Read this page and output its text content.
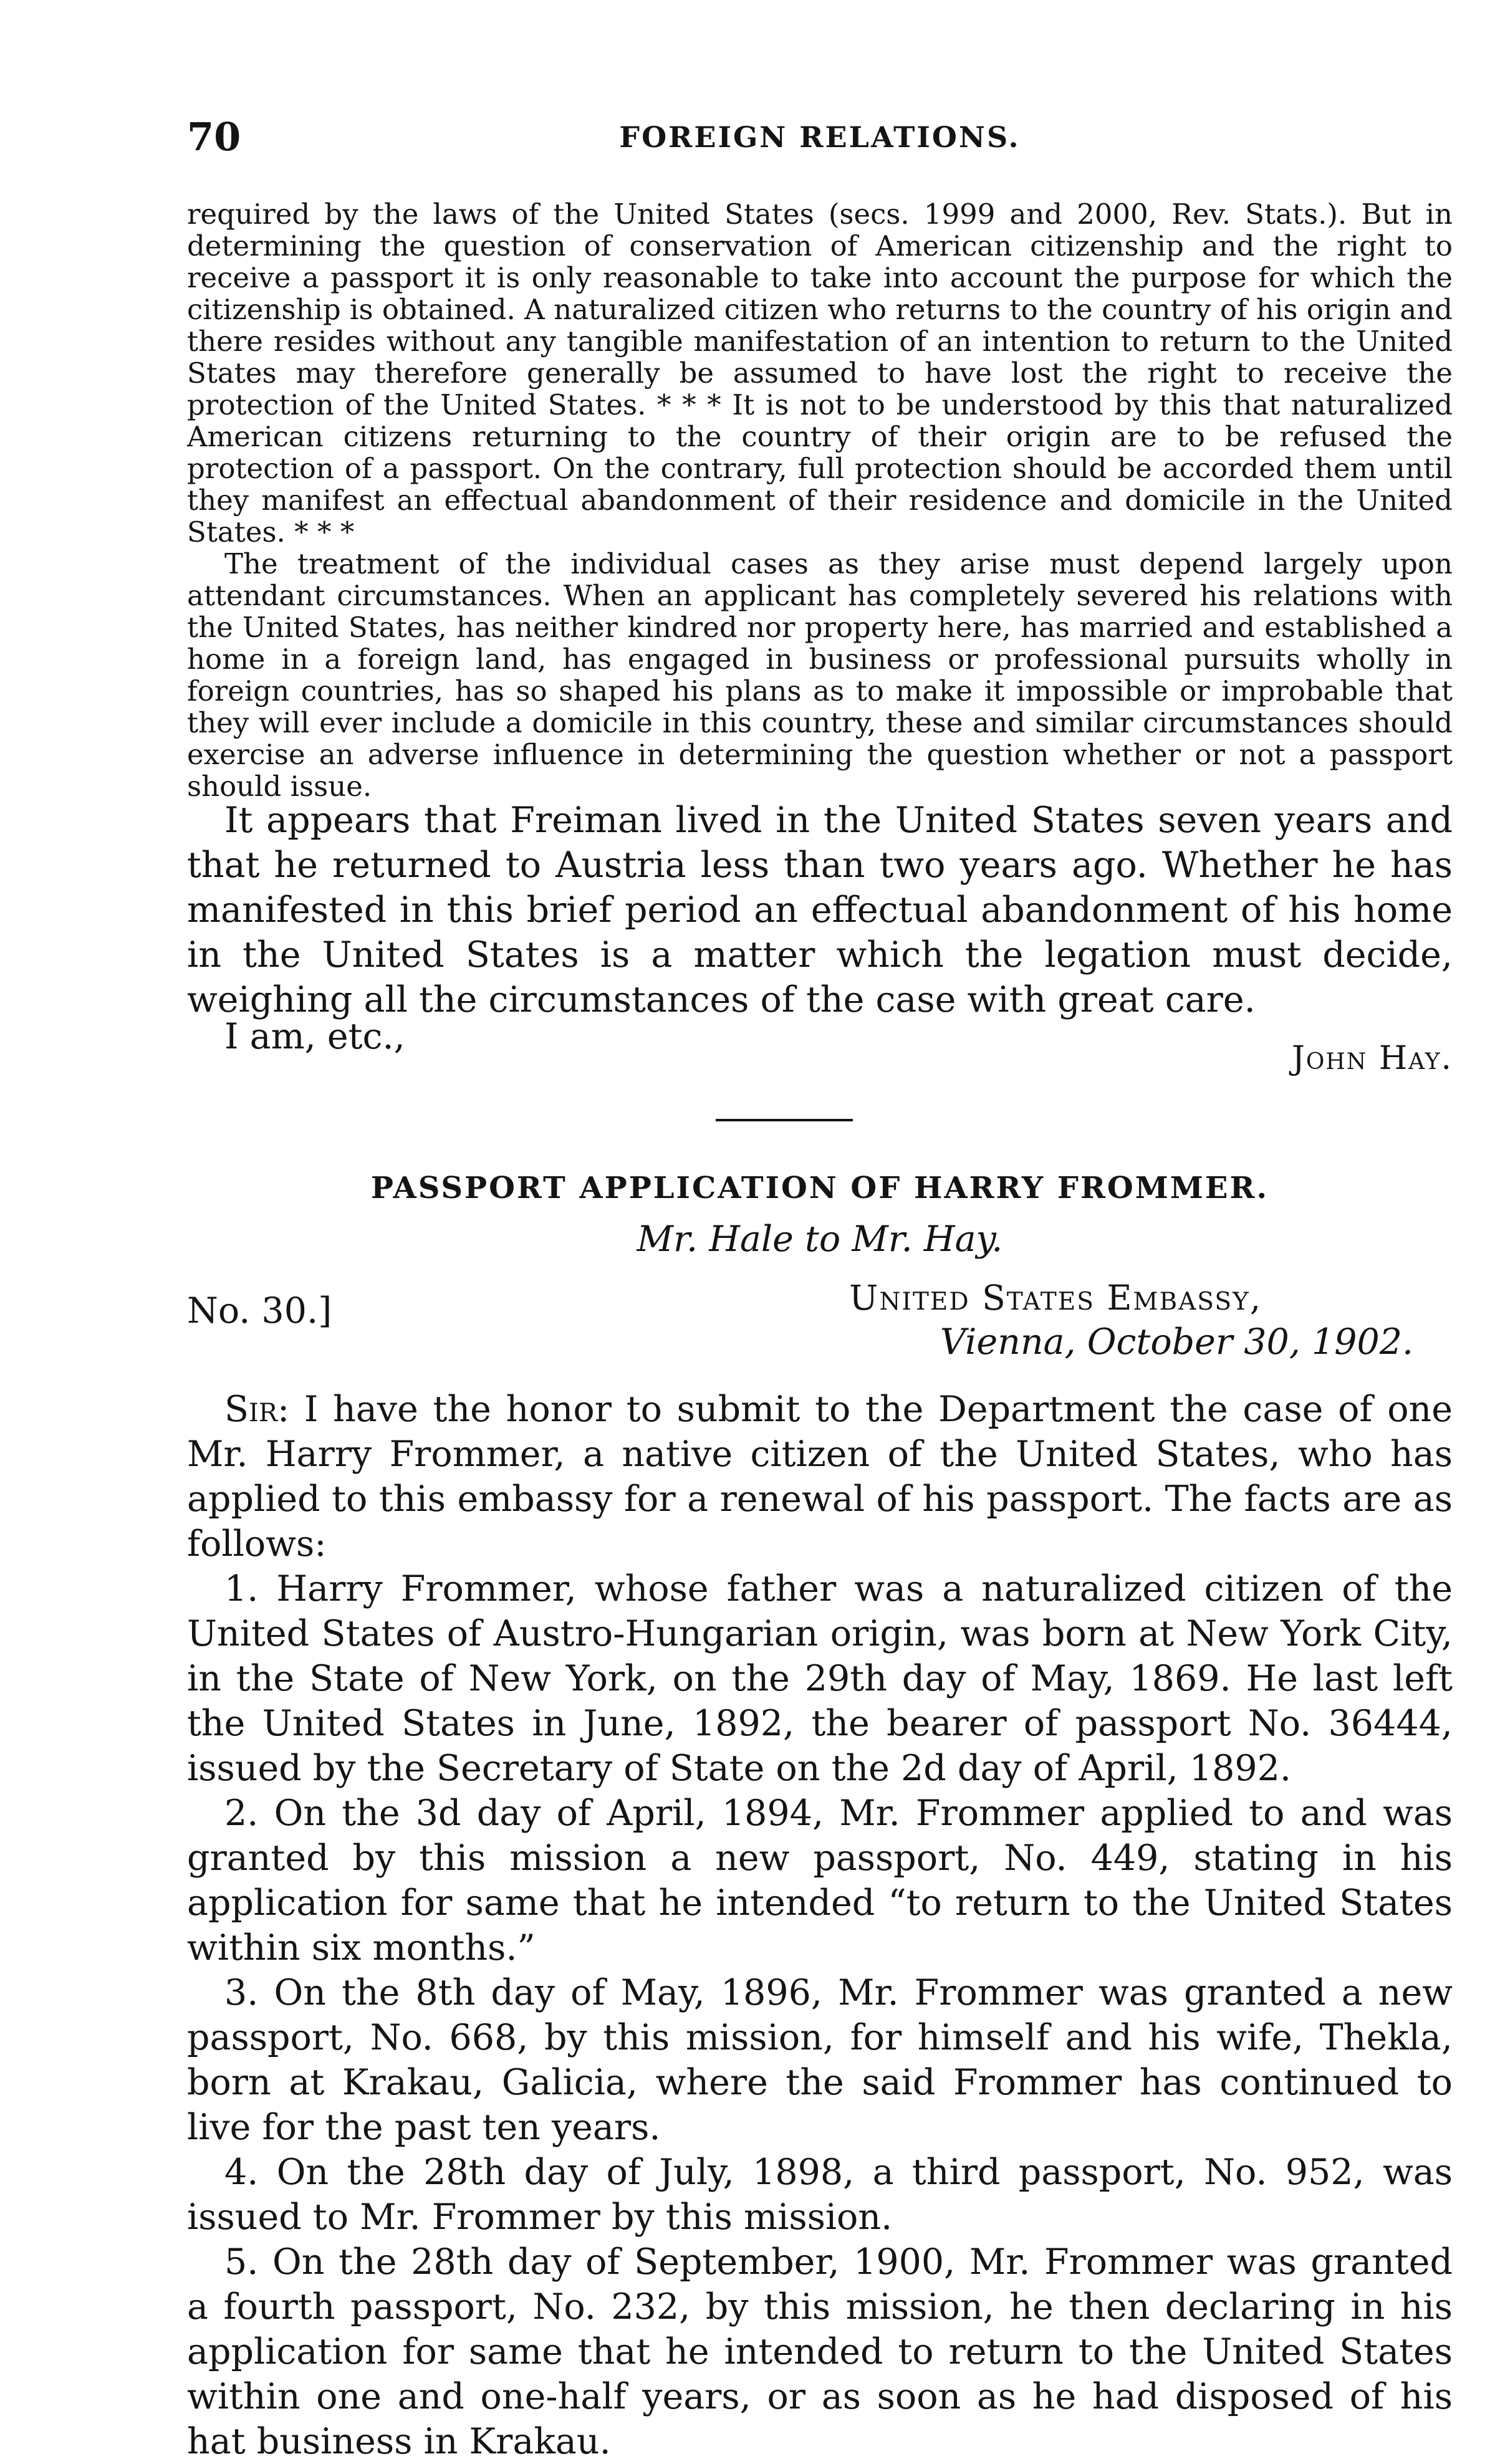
70	FOREIGN RELATIONS.

required by the laws of the United States (secs. 1999 and 2000, Rev. Stats.). But in determining the question of conservation of American citizenship and the right to receive a passport it is only reasonable to take into account the purpose for which the citizenship is obtained. A naturalized citizen who returns to the country of his origin and there resides without any tangible manifestation of an intention to return to the United States may therefore generally be assumed to have lost the right to receive the protection of the United States. * * * It is not to be understood by this that naturalized American citizens returning to the country of their origin are to be refused the protection of a passport. On the contrary, full protection should be accorded them until they manifest an effectual abandonment of their residence and domicile in the United States. * * *

The treatment of the individual cases as they arise must depend largely upon attendant circumstances. When an applicant has completely severed his relations with the United States, has neither kindred nor property here, has married and established a home in a foreign land, has engaged in business or professional pursuits wholly in foreign countries, has so shaped his plans as to make it impossible or improbable that they will ever include a domicile in this country, these and similar circumstances should exercise an adverse influence in determining the question whether or not a passport should issue.

It appears that Freiman lived in the United States seven years and that he returned to Austria less than two years ago. Whether he has manifested in this brief period an effectual abandonment of his home in the United States is a matter which the legation must decide, weighing all the circumstances of the case with great care.

I am, etc.,
John Hay.
PASSPORT APPLICATION OF HARRY FROMMER.
Mr. Hale to Mr. Hay.
No. 30.]	United States Embassy,
Vienna, October 30, 1902.

Sir: I have the honor to submit to the Department the case of one Mr. Harry Frommer, a native citizen of the United States, who has applied to this embassy for a renewal of his passport. The facts are as follows:

1. Harry Frommer, whose father was a naturalized citizen of the United States of Austro-Hungarian origin, was born at New York City, in the State of New York, on the 29th day of May, 1869. He last left the United States in June, 1892, the bearer of passport No. 36444, issued by the Secretary of State on the 2d day of April, 1892.

2. On the 3d day of April, 1894, Mr. Frommer applied to and was granted by this mission a new passport, No. 449, stating in his application for same that he intended “to return to the United States within six months.”

3. On the 8th day of May, 1896, Mr. Frommer was granted a new passport, No. 668, by this mission, for himself and his wife, Thekla, born at Krakau, Galicia, where the said Frommer has continued to live for the past ten years.

4. On the 28th day of July, 1898, a third passport, No. 952, was issued to Mr. Frommer by this mission.

5. On the 28th day of September, 1900, Mr. Frommer was granted a fourth passport, No. 232, by this mission, he then declaring in his application for same that he intended to return to the United States within one and one-half years, or as soon as he had disposed of his hat business in Krakau.
